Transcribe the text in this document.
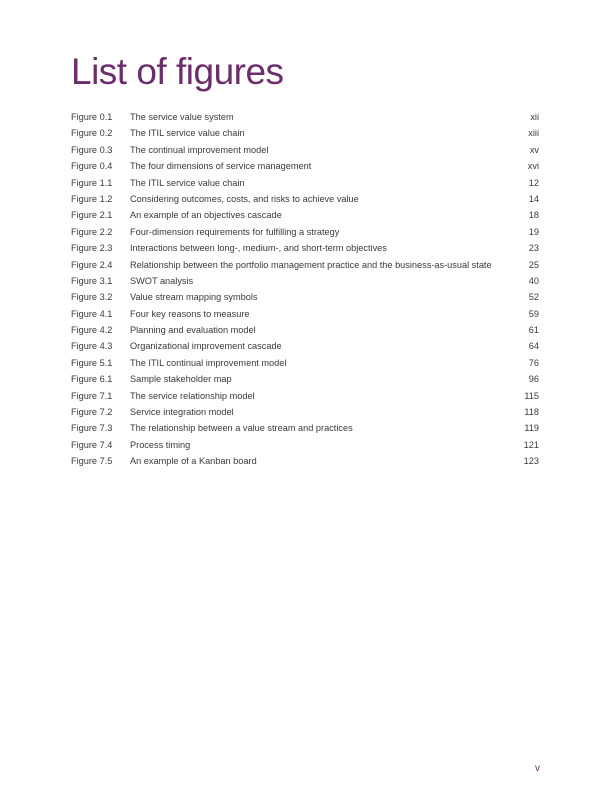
List of figures
Figure 0.1	The service value system	xii
Figure 0.2	The ITIL service value chain	xiii
Figure 0.3	The continual improvement model	xv
Figure 0.4	The four dimensions of service management	xvi
Figure 1.1	The ITIL service value chain	12
Figure 1.2	Considering outcomes, costs, and risks to achieve value	14
Figure 2.1	An example of an objectives cascade	18
Figure 2.2	Four-dimension requirements for fulfilling a strategy	19
Figure 2.3	Interactions between long-, medium-, and short-term objectives	23
Figure 2.4	Relationship between the portfolio management practice and the business-as-usual state	25
Figure 3.1	SWOT analysis	40
Figure 3.2	Value stream mapping symbols	52
Figure 4.1	Four key reasons to measure	59
Figure 4.2	Planning and evaluation model	61
Figure 4.3	Organizational improvement cascade	64
Figure 5.1	The ITIL continual improvement model	76
Figure 6.1	Sample stakeholder map	96
Figure 7.1	The service relationship model	115
Figure 7.2	Service integration model	118
Figure 7.3	The relationship between a value stream and practices	119
Figure 7.4	Process timing	121
Figure 7.5	An example of a Kanban board	123
v
